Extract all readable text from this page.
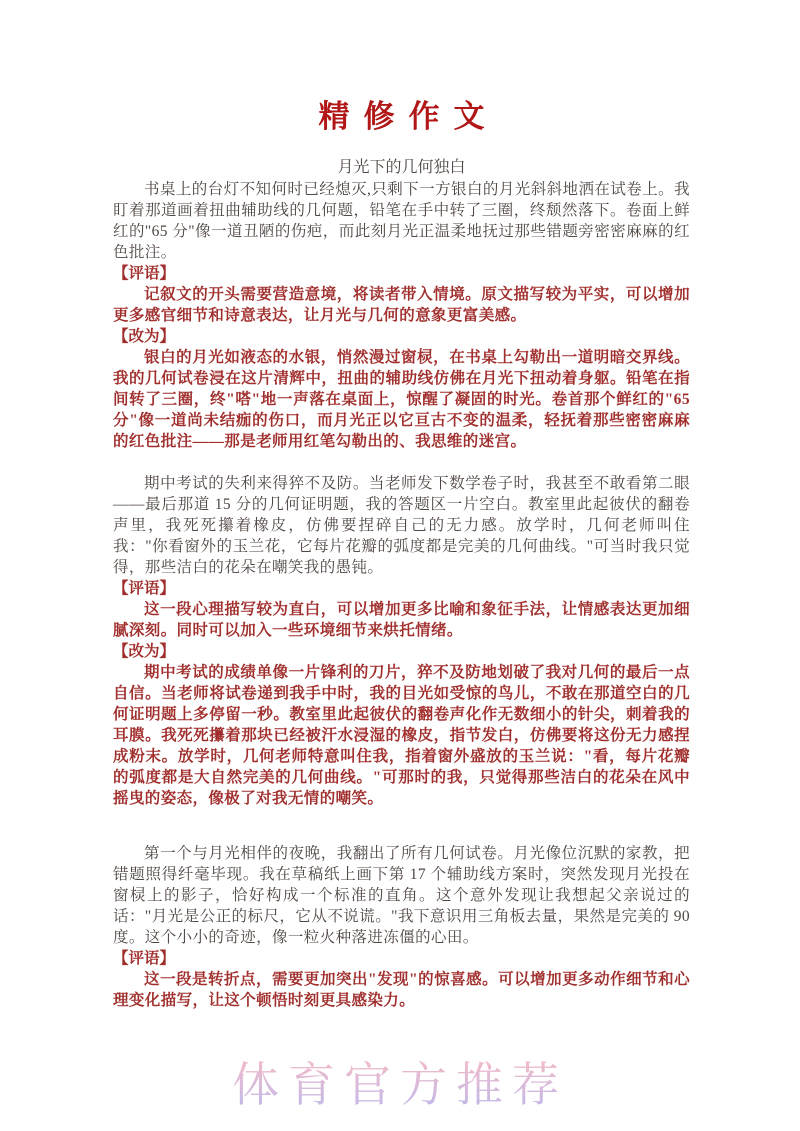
精修作文
月光下的几何独白

书桌上的台灯不知何时已经熄灭,只剩下一方银白的月光斜斜地洒在试卷上。我盯着那道画着扭曲辅助线的几何题，铅笔在手中转了三圈，终颓然落下。卷面上鲜红的"65 分"像一道丑陋的伤疤，而此刻月光正温柔地抚过那些错题旁密密麻麻的红色批注。

【评语】

记叙文的开头需要营造意境，将读者带入情境。原文描写较为平实，可以增加更多感官细节和诗意表达，让月光与几何的意象更富美感。

【改为】

银白的月光如液态的水银，悄然漫过窗棂，在书桌上勾勒出一道明暗交界线。我的几何试卷浸在这片清辉中，扭曲的辅助线仿佛在月光下扭动着身躯。铅笔在指间转了三圈，终"嗒"地一声落在桌面上，惊醒了凝固的时光。卷首那个鲜红的"65 分"像一道尚未结痂的伤口，而月光正以它亘古不变的温柔，轻抚着那些密密麻麻的红色批注——那是老师用红笔勾勒出的、我思维的迷宫。

期中考试的失利来得猝不及防。当老师发下数学卷子时，我甚至不敢看第二眼——最后那道 15 分的几何证明题，我的答题区一片空白。教室里此起彼伏的翻卷声里，我死死攥着橡皮，仿佛要捏碎自己的无力感。放学时，几何老师叫住我："你看窗外的玉兰花，它每片花瓣的弧度都是完美的几何曲线。"可当时我只觉得，那些洁白的花朵在嘲笑我的愚钝。

【评语】

这一段心理描写较为直白，可以增加更多比喻和象征手法，让情感表达更加细腻深刻。同时可以加入一些环境细节来烘托情绪。

【改为】

期中考试的成绩单像一片锋利的刀片，猝不及防地划破了我对几何的最后一点自信。当老师将试卷递到我手中时，我的目光如受惊的鸟儿，不敢在那道空白的几何证明题上多停留一秒。教室里此起彼伏的翻卷声化作无数细小的针尖，刺着我的耳膜。我死死攥着那块已经被汗水浸湿的橡皮，指节发白，仿佛要将这份无力感捏成粉末。放学时，几何老师特意叫住我，指着窗外盛放的玉兰说："看，每片花瓣的弧度都是大自然完美的几何曲线。"可那时的我，只觉得那些洁白的花朵在风中摇曳的姿态，像极了对我无情的嘲笑。

第一个与月光相伴的夜晚，我翻出了所有几何试卷。月光像位沉默的家教，把错题照得纤毫毕现。我在草稿纸上画下第 17 个辅助线方案时，突然发现月光投在窗棂上的影子，恰好构成一个标准的直角。这个意外发现让我想起父亲说过的话："月光是公正的标尺，它从不说谎。"我下意识用三角板去量，果然是完美的 90 度。这个小小的奇迹，像一粒火种落进冻僵的心田。

【评语】

这一段是转折点，需要更加突出"发现"的惊喜感。可以增加更多动作细节和心理变化描写，让这个顿悟时刻更具感染力。

体育官方推荐
